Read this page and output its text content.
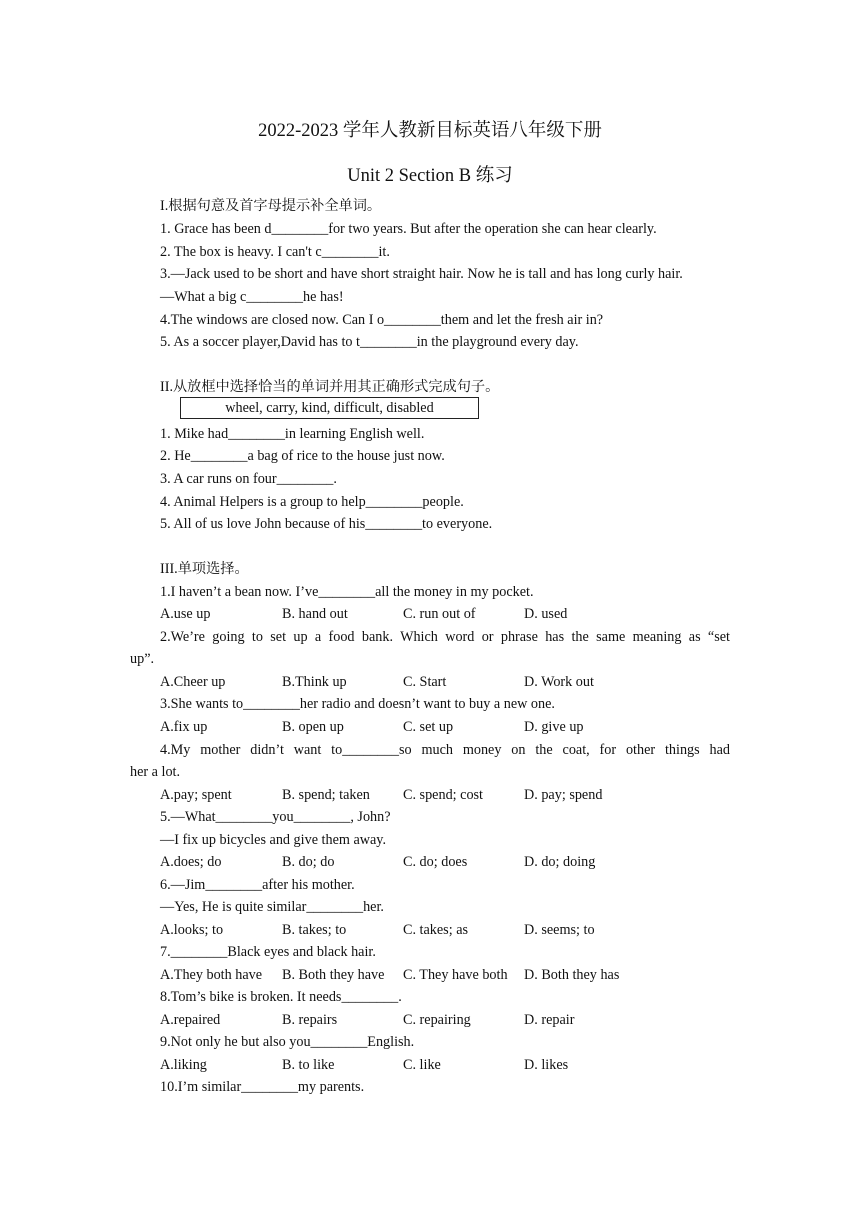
2022-2023 学年人教新目标英语八年级下册
Unit 2 Section B 练习
I.根据句意及首字母提示补全单词。
1. Grace has been d________for two years. But after the operation she can hear clearly.
2. The box is heavy. I can't c________it.
3.—Jack used to be short and have short straight hair. Now he is tall and has long curly hair.
—What a big c________he has!
4.The windows are closed now. Can I o________them and let the fresh air in?
5. As a soccer player,David has to t________in the playground every day.
II.从放框中选择恰当的单词并用其正确形式完成句子。
wheel, carry, kind, difficult, disabled
1. Mike had________in learning English well.
2. He________a bag of rice to the house just now.
3. A car runs on four________.
4. Animal Helpers is a group to help________people.
5. All of us love John because of his________to everyone.
III.单项选择。
1.I haven’t a bean now. I’ve________all the money in my pocket.
A.use up	B. hand out	C. run out of	D. used
2.We’re going to set up a food bank. Which word or phrase has the same meaning as “set
up”.
A.Cheer up	B.Think up	C. Start	D. Work out
3.She wants to________her radio and doesn’t want to buy a new one.
A.fix up	B. open up	C. set up	D. give up
4.My mother didn’t want to________so much money on the coat, for other things had
her a lot.
A.pay; spent	B. spend; taken C. spend; cost	D. pay; spend
5.—What________you________, John?
—I fix up bicycles and give them away.
A.does; do	B. do; do	C. do; does	D. do; doing
6.—Jim________after his mother.
—Yes, He is quite similar________her.
A.looks; to	B. takes; to	C. takes; as	D. seems; to
7.________Black eyes and black hair.
A.They both have B. Both they have C. They have both D. Both they has
8.Tom’s bike is broken. It needs________.
A.repaired	B. repairs	C. repairing	D. repair
9.Not only he but also you________English.
A.liking	B. to like	C. like	D. likes
10.I’m similar________my parents.
